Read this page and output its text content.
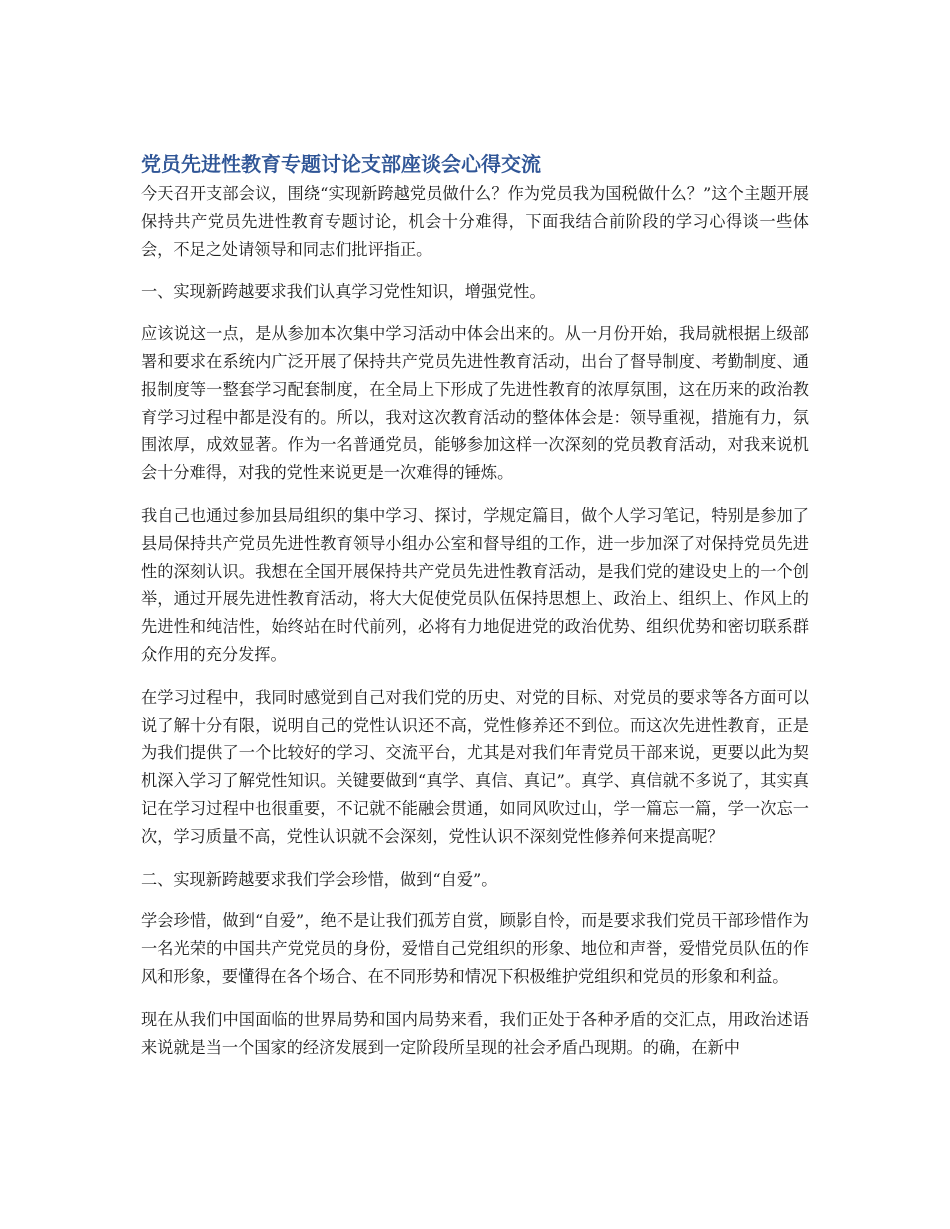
党员先进性教育专题讨论支部座谈会心得交流

今天召开支部会议，围绕“实现新跨越党员做什么？作为党员我为国税做什么？”这个主题开展保持共产党员先进性教育专题讨论，机会十分难得，下面我结合前阶段的学习心得谈一些体会，不足之处请领导和同志们批评指正。

一、实现新跨越要求我们认真学习党性知识，增强党性。

应该说这一点，是从参加本次集中学习活动中体会出来的。从一月份开始，我局就根据上级部署和要求在系统内广泛开展了保持共产党员先进性教育活动，出台了督导制度、考勤制度、通报制度等一整套学习配套制度，在全局上下形成了先进性教育的浓厚氛围，这在历来的政治教育学习过程中都是没有的。所以，我对这次教育活动的整体体会是：领导重视，措施有力，氛围浓厚，成效显著。作为一名普通党员，能够参加这样一次深刻的党员教育活动，对我来说机会十分难得，对我的党性来说更是一次难得的锤炼。

我自己也通过参加县局组织的集中学习、探讨，学规定篇目，做个人学习笔记，特别是参加了县局保持共产党员先进性教育领导小组办公室和督导组的工作，进一步加深了对保持党员先进性的深刻认识。我想在全国开展保持共产党员先进性教育活动，是我们党的建设史上的一个创举，通过开展先进性教育活动，将大大促使党员队伍保持思想上、政治上、组织上、作风上的先进性和纯洁性，始终站在时代前列，必将有力地促进党的政治优势、组织优势和密切联系群众作用的充分发挥。

在学习过程中，我同时感觉到自己对我们党的历史、对党的目标、对党员的要求等各方面可以说了解十分有限，说明自己的党性认识还不高，党性修养还不到位。而这次先进性教育，正是为我们提供了一个比较好的学习、交流平台，尤其是对我们年青党员干部来说，更要以此为契机深入学习了解党性知识。关键要做到“真学、真信、真记”。真学、真信就不多说了，其实真记在学习过程中也很重要，不记就不能融会贯通，如同风吹过山，学一篇忘一篇，学一次忘一次，学习质量不高，党性认识就不会深刻，党性认识不深刻党性修养何来提高呢？

二、实现新跨越要求我们学会珍惜，做到“自爱”。

学会珍惜，做到“自爱”，绝不是让我们孤芳自赏，顾影自怜，而是要求我们党员干部珍惜作为一名光荣的中国共产党党员的身份，爱惜自己党组织的形象、地位和声誉，爱惜党员队伍的作风和形象，要懂得在各个场合、在不同形势和情况下积极维护党组织和党员的形象和利益。

现在从我们中国面临的世界局势和国内局势来看，我们正处于各种矛盾的交汇点，用政治述语来说就是当一个国家的经济发展到一定阶段所呈现的社会矛盾凸现期。的确，在新中
